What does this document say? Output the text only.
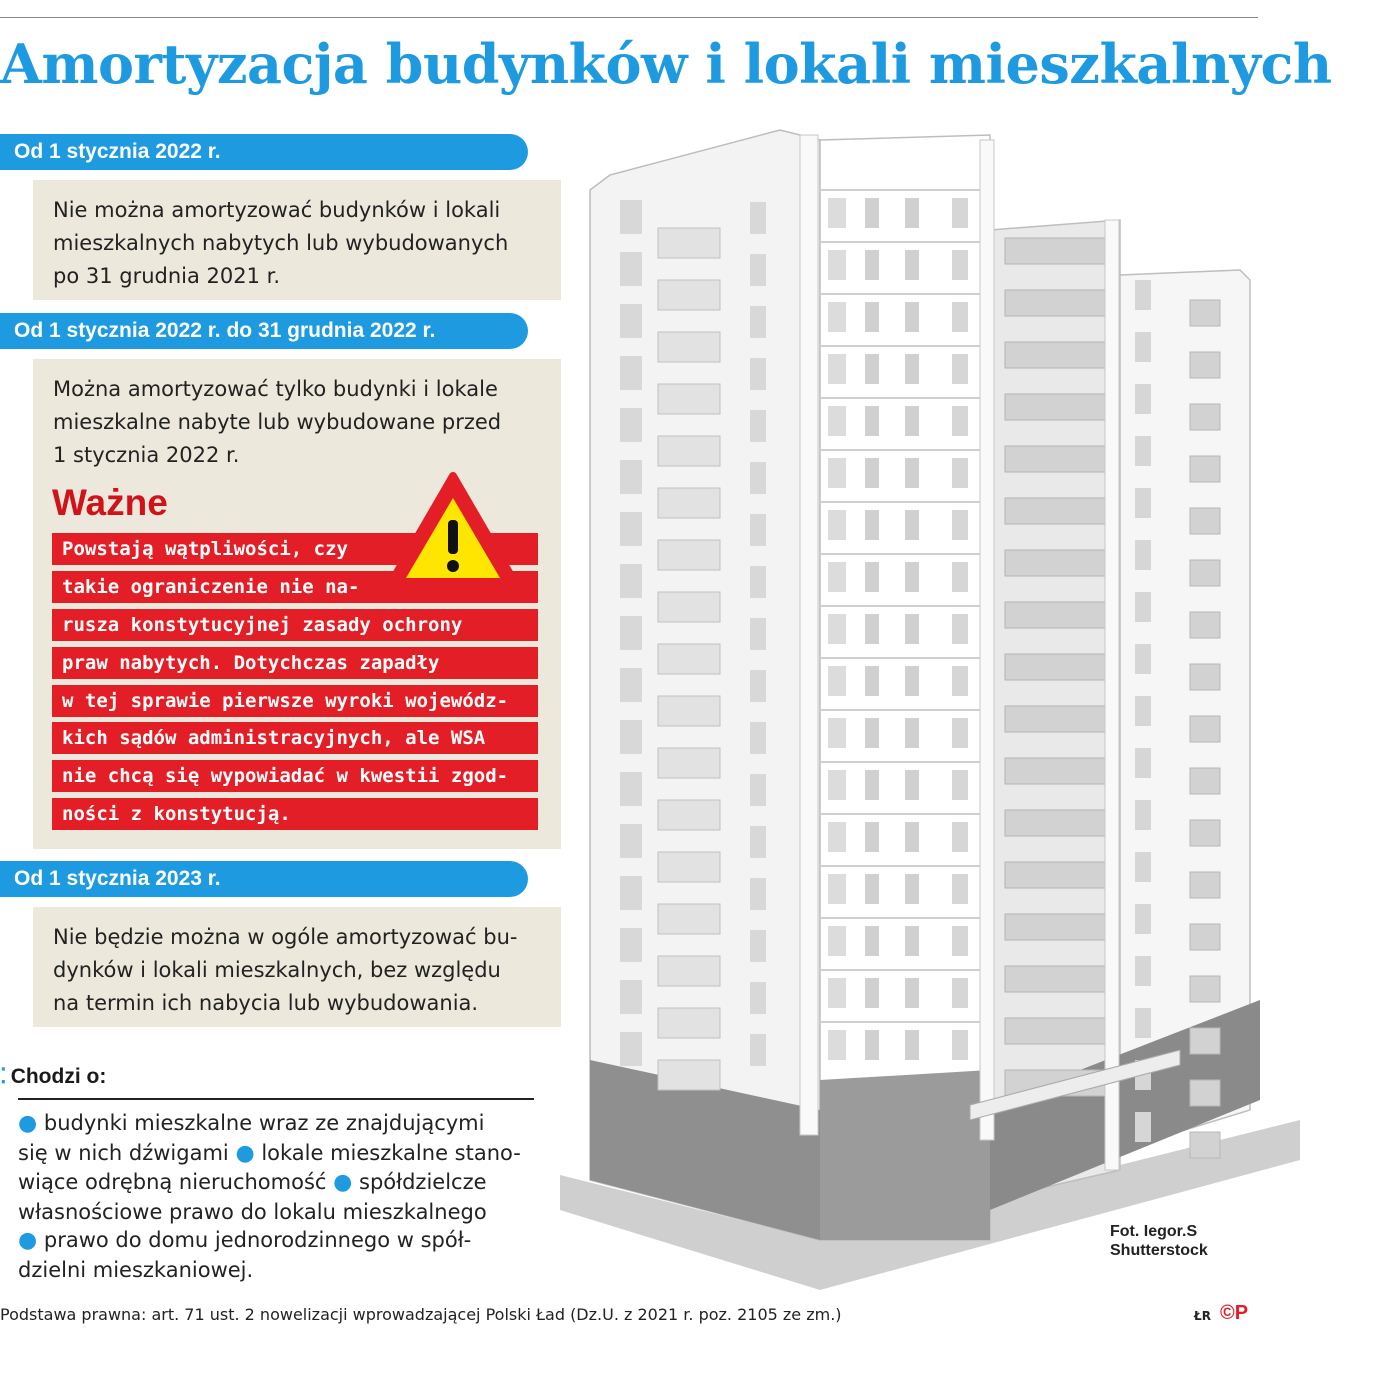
Amortyzacja budynków i lokali mieszkalnych
Od 1 stycznia 2022 r.

Nie można amortyzować budynków i lokali

mieszkalnych nabytych lub wybudowanych

po 31 grudnia 2021 r.

Od 1 stycznia 2022 r. do 31 grudnia 2022 r.

Można amortyzować tylko budynki i lokale

mieszkalne nabyte lub wybudowane przed

1 stycznia 2022 r.

Ważne
Powstają wątpliwości, czy
takie ograniczenie nie na-
rusza konstytucyjnej zasady ochrony
praw nabytych. Dotychczas zapadły
w tej sprawie pierwsze wyroki wojewódz-
kich sądów administracyjnych, ale WSA
nie chcą się wypowiadać w kwestii zgod-
ności z konstytucją.
Od 1 stycznia 2023 r.

Nie będzie można w ogóle amortyzować bu-

dynków i lokali mieszkalnych, bez względu

na termin ich nabycia lub wybudowania.

⁚ Chodzi o:
● budynki mieszkalne wraz ze znajdującymi
się w nich dźwigami ● lokale mieszkalne stano-
wiące odrębną nieruchomość ● spółdzielcze
własnościowe prawo do lokalu mieszkalnego
● prawo do domu jednorodzinnego w spół-
dzielni mieszkaniowej.
Fot. Iegor.S
Shutterstock
Podstawa prawna: art. 71 ust. 2 nowelizacji wprowadzającej Polski Ład (Dz.U. z 2021 r. poz. 2105 ze zm.)	ŁR ©P
